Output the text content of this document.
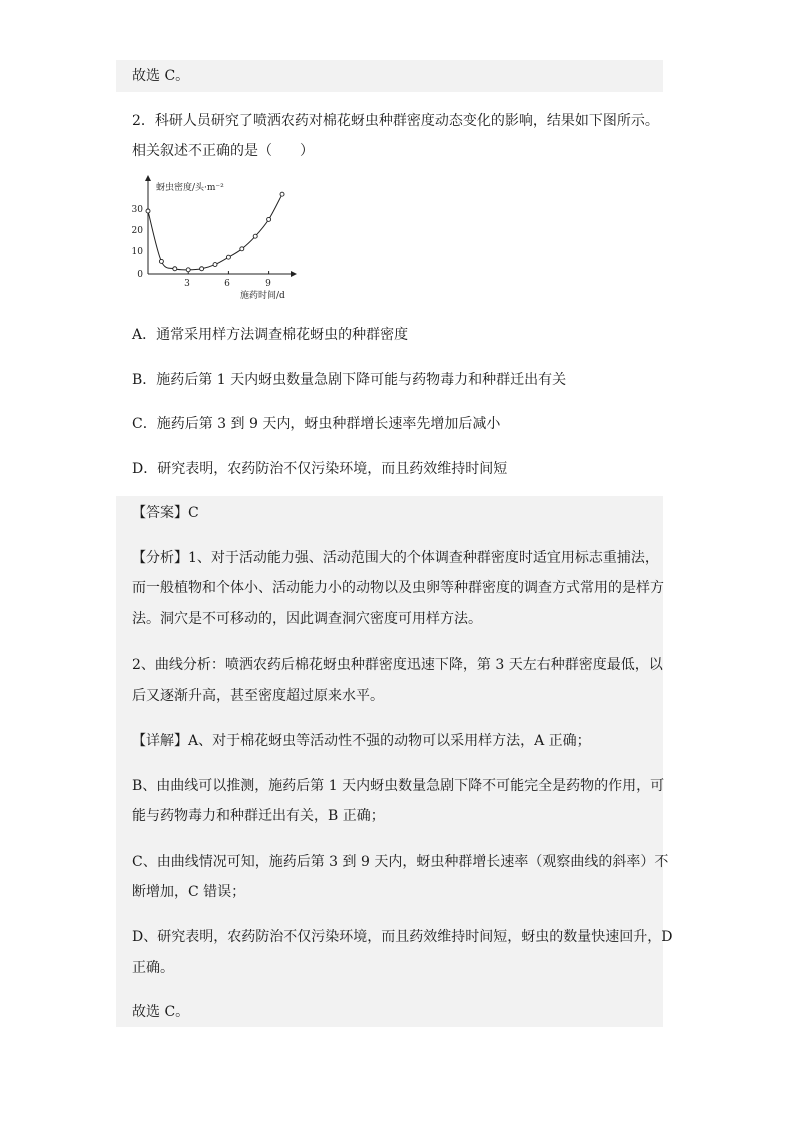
故选 C。
2．科研人员研究了喷洒农药对棉花蚜虫种群密度动态变化的影响，结果如下图所示。
相关叙述不正确的是（　　）
蚜虫密度/头·m⁻²
施药时间/d
0
10
20
30
3	6	9
A．通常采用样方法调查棉花蚜虫的种群密度
B．施药后第 1 天内蚜虫数量急剧下降可能与药物毒力和种群迁出有关
C．施药后第 3 到 9 天内，蚜虫种群增长速率先增加后减小
D．研究表明，农药防治不仅污染环境，而且药效维持时间短
【答案】C
【分析】1、对于活动能力强、活动范围大的个体调查种群密度时适宜用标志重捕法，
而一般植物和个体小、活动能力小的动物以及虫卵等种群密度的调查方式常用的是样方
法。洞穴是不可移动的，因此调查洞穴密度可用样方法。
2、曲线分析：喷洒农药后棉花蚜虫种群密度迅速下降，第 3 天左右种群密度最低，以
后又逐渐升高，甚至密度超过原来水平。
【详解】A、对于棉花蚜虫等活动性不强的动物可以采用样方法，A 正确；
B、由曲线可以推测，施药后第 1 天内蚜虫数量急剧下降不可能完全是药物的作用，可
能与药物毒力和种群迁出有关，B 正确；
C、由曲线情况可知，施药后第 3 到 9 天内，蚜虫种群增长速率（观察曲线的斜率）不
断增加，C 错误；
D、研究表明，农药防治不仅污染环境，而且药效维持时间短，蚜虫的数量快速回升，D
正确。
故选 C。
